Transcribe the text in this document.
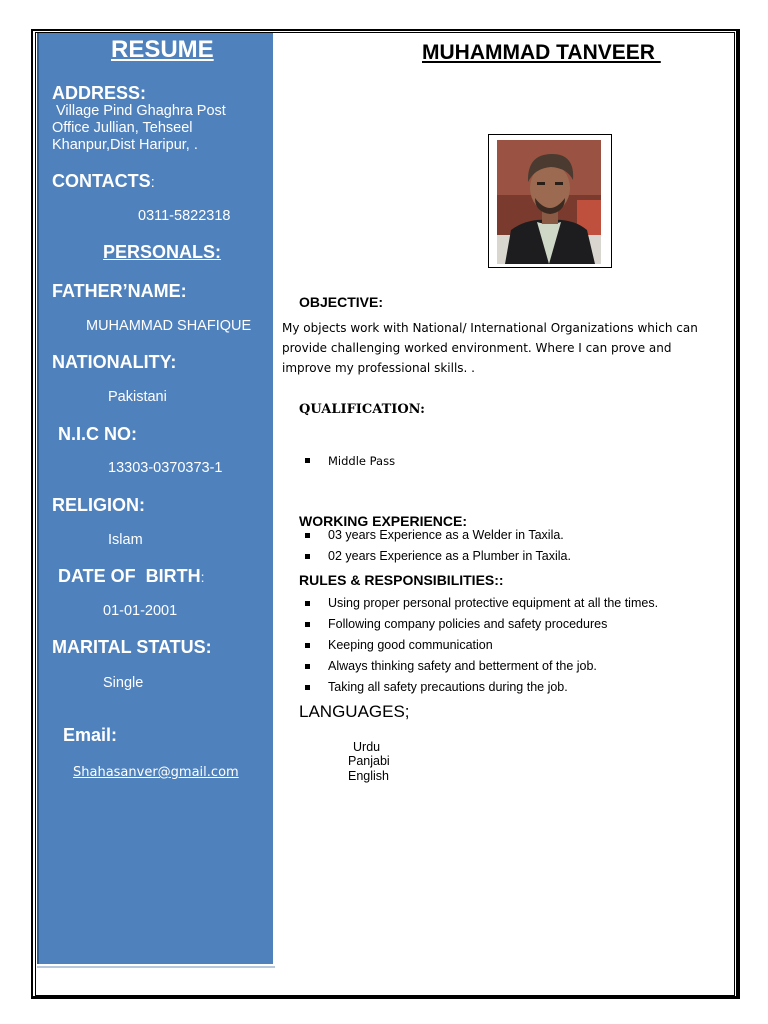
RESUME
ADDRESS:
Village Pind Ghaghra Post Office Jullian, Tehseel Khanpur,Dist Haripur, .
CONTACTS:
0311-5822318
PERSONALS:
FATHER’NAME:
MUHAMMAD SHAFIQUE
NATIONALITY:
Pakistani
N.I.C NO:
13303-0370373-1
RELIGION:
Islam
DATE OF  BIRTH:
01-01-2001
MARITAL STATUS:
Single
Email:
Shahasanver@gmail.com
MUHAMMAD TANVEER
OBJECTIVE:
My objects work with National/ International Organizations which can provide challenging worked environment. Where I can prove and improve my professional skills. .
QUALIFICATION:
Middle Pass
WORKING EXPERIENCE:
03 years Experience as a Welder in Taxila.
02 years Experience as a Plumber in Taxila.
RULES & RESPONSIBILITIES::
Using proper personal protective equipment at all the times.
Following company policies and safety procedures
Keeping good communication
Always thinking safety and betterment of the job.
Taking all safety precautions during the job.
LANGUAGES;
Urdu
Panjabi
English
